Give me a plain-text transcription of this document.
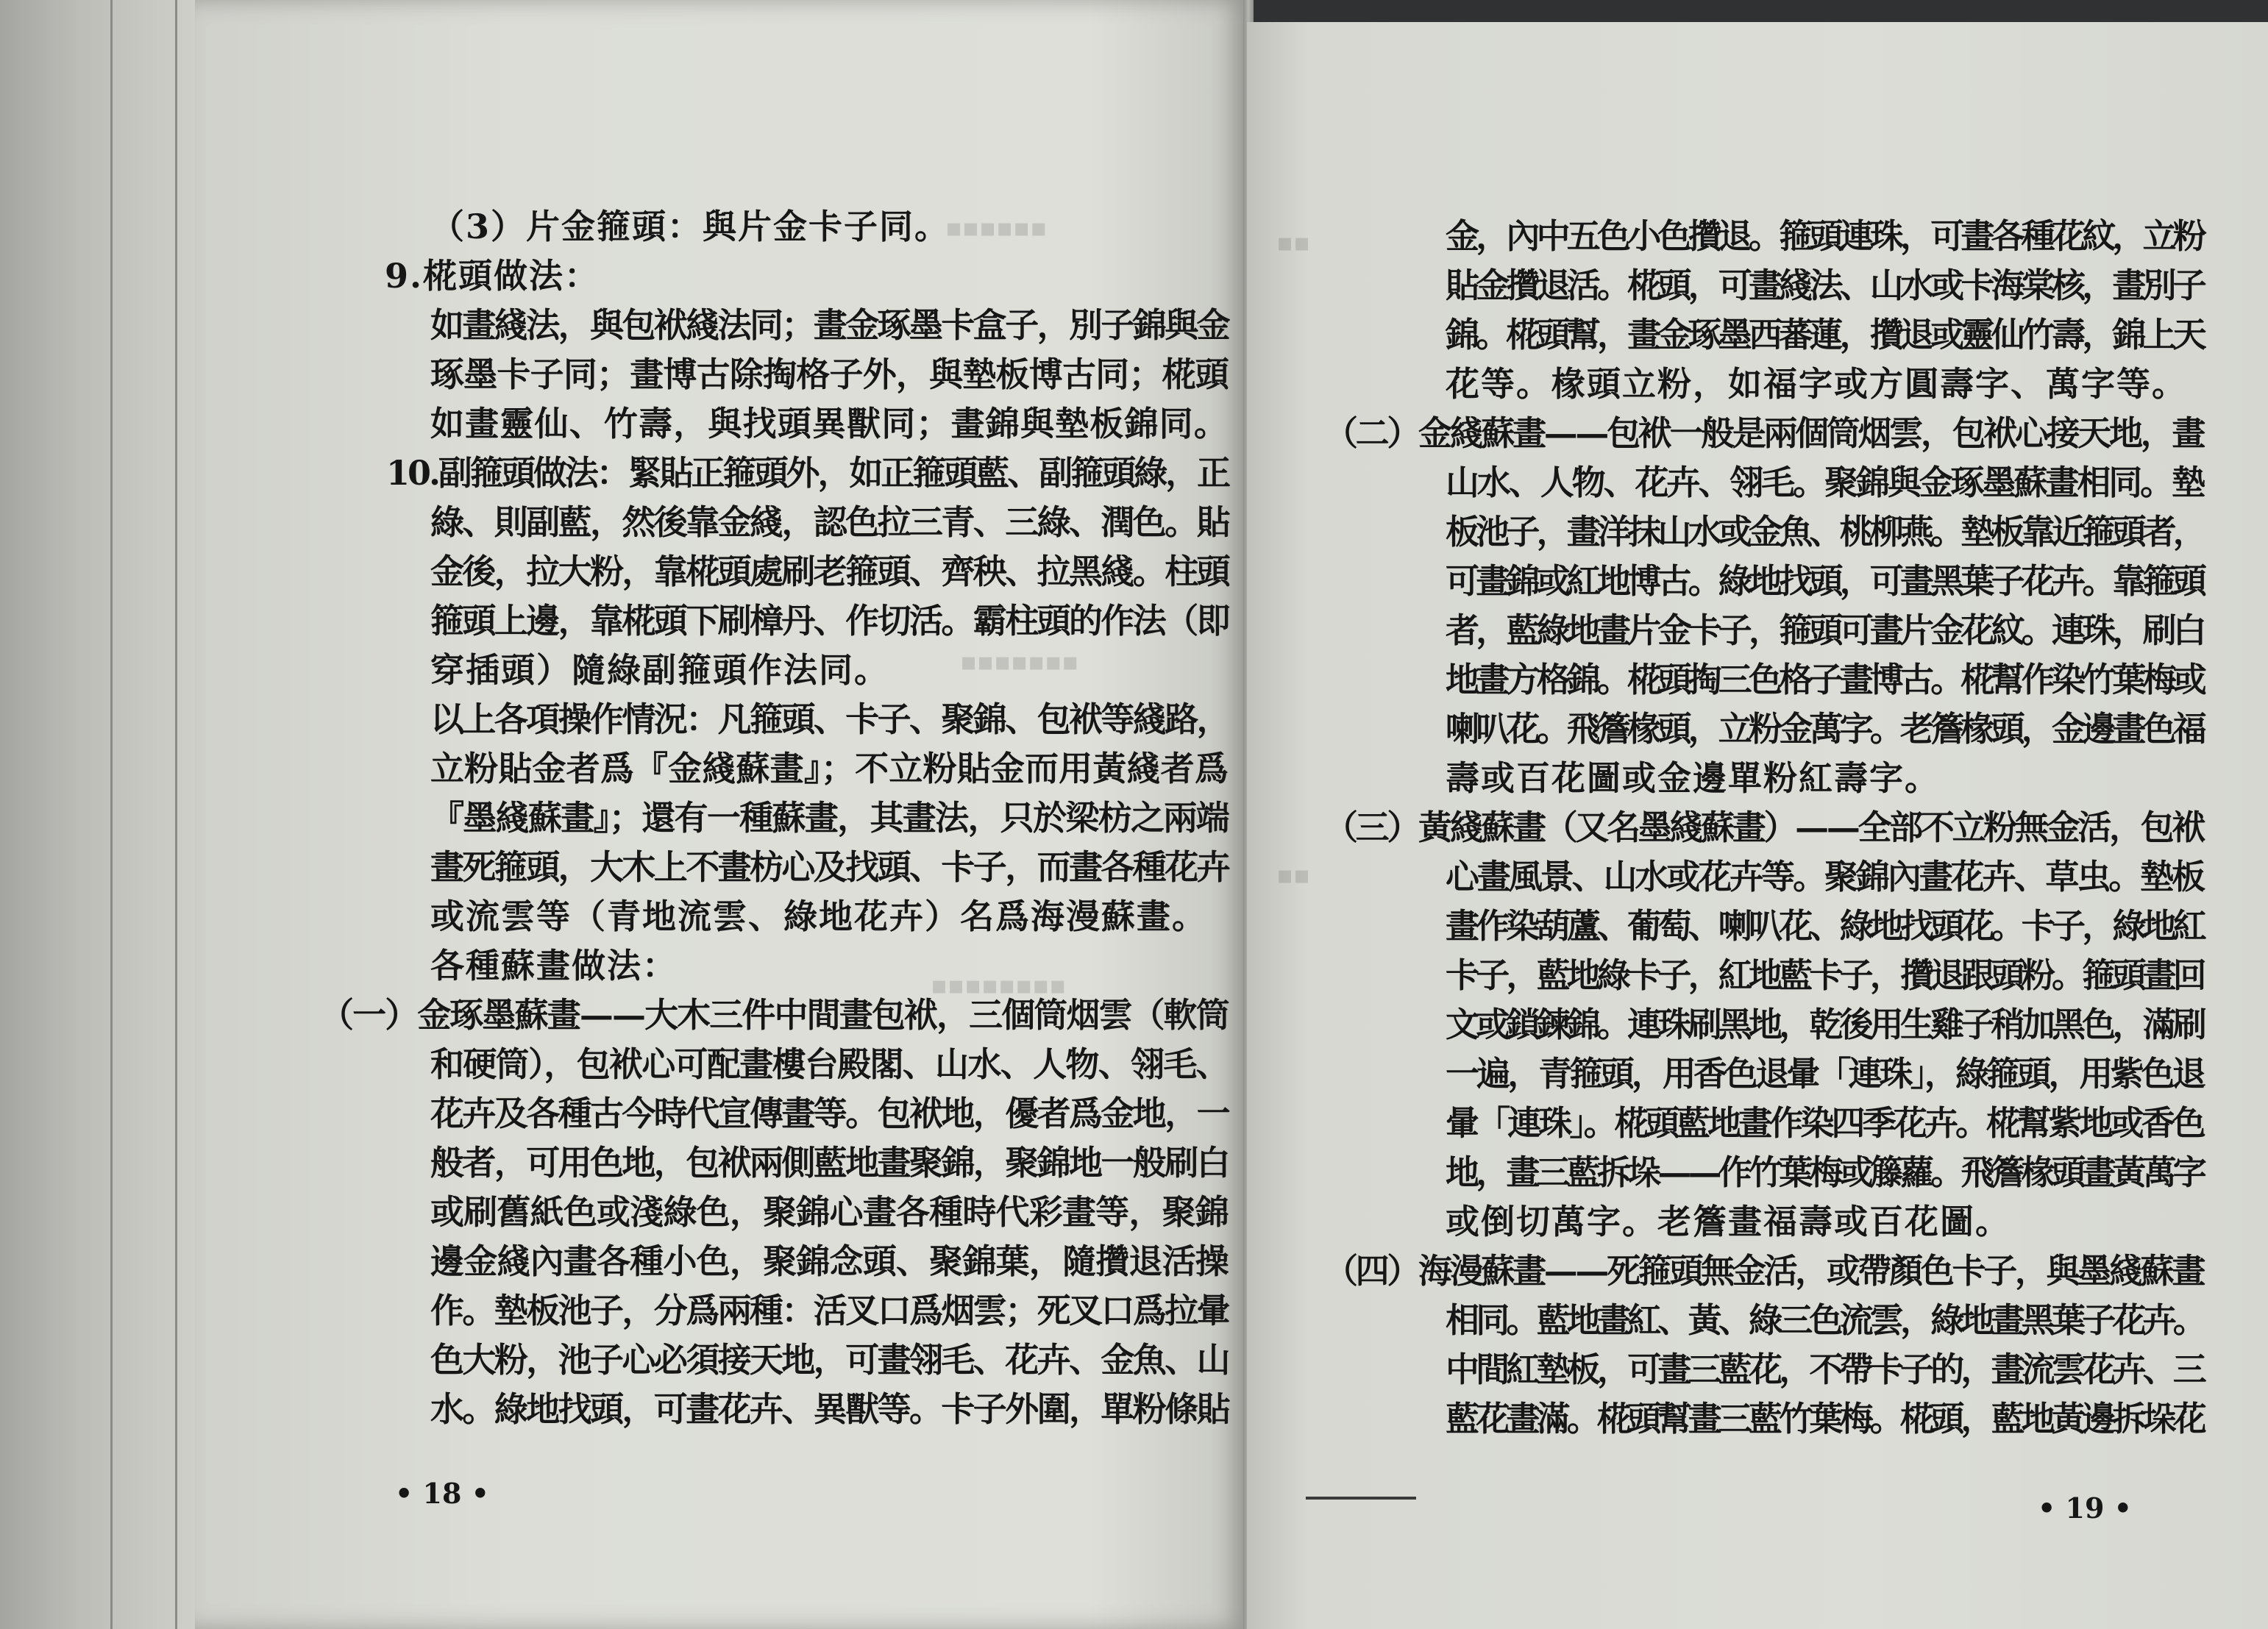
▪▪▪▪▪▪
▪▪▪▪▪▪▪
▪▪▪▪▪▪▪▪
（3）片金箍頭：與片金卡子同。
9.椛頭做法：
如畫綫法，與包袱綫法同；畫金琢墨卡盒子，別子錦與金
琢墨卡子同；畫博古除掏格子外，與墊板博古同；椛頭
如畫靈仙、竹壽，與找頭異獸同；畫錦與墊板錦同。
10.副箍頭做法：緊貼正箍頭外，如正箍頭藍、副箍頭綠，正
綠、則副藍，然後靠金綫，認色拉三青、三綠、潤色。貼
金後，拉大粉，靠椛頭處刷老箍頭、齊秧、拉黑綫。柱頭
箍頭上邊，靠椛頭下刷樟丹、作切活。霸柱頭的作法（即
穿插頭）隨綠副箍頭作法同。
以上各項操作情況：凡箍頭、卡子、聚錦、包袱等綫路，
立粉貼金者爲『金綫蘇畫』；不立粉貼金而用黃綫者爲
『墨綫蘇畫』；還有一種蘇畫，其畫法，只於梁枋之兩端
畫死箍頭，大木上不畫枋心及找頭、卡子，而畫各種花卉
或流雲等（青地流雲、綠地花卉）名爲海漫蘇畫。
各種蘇畫做法：
（一）金琢墨蘇畫——大木三件中間畫包袱，三個筒烟雲（軟筒
和硬筒），包袱心可配畫樓台殿閣、山水、人物、翎毛、
花卉及各種古今時代宣傳畫等。包袱地，優者爲金地，一
般者，可用色地，包袱兩側藍地畫聚錦，聚錦地一般刷白
或刷舊紙色或淺綠色，聚錦心畫各種時代彩畫等，聚錦
邊金綫內畫各種小色，聚錦念頭、聚錦葉，隨攢退活操
作。墊板池子，分爲兩種：活叉口爲烟雲；死叉口爲拉暈
色大粉，池子心必須接天地，可畫翎毛、花卉、金魚、山
水。綠地找頭，可畫花卉、異獸等。卡子外圍，單粉條貼
• 18 •
▪▪
▪▪
金，內中五色小色攢退。箍頭連珠，可畫各種花紋，立粉
貼金攢退活。椛頭，可畫綫法、山水或卡海棠核，畫別子
錦。椛頭幫，畫金琢墨西蕃蓮，攢退或靈仙竹壽，錦上天
花等。椽頭立粉，如福字或方圓壽字、萬字等。
（二）金綫蘇畫——包袱一般是兩個筒烟雲，包袱心接天地，畫
山水、人物、花卉、翎毛。聚錦與金琢墨蘇畫相同。墊
板池子，畫洋抹山水或金魚、桃柳燕。墊板靠近箍頭者，
可畫錦或紅地博古。綠地找頭，可畫黑葉子花卉。靠箍頭
者，藍綠地畫片金卡子，箍頭可畫片金花紋。連珠，刷白
地畫方格錦。椛頭掏三色格子畫博古。椛幫作染竹葉梅或
喇叭花。飛簷椽頭，立粉金萬字。老簷椽頭，金邊畫色福
壽或百花圖或金邊單粉紅壽字。
（三）黃綫蘇畫（又名墨綫蘇畫）——全部不立粉無金活，包袱
心畫風景、山水或花卉等。聚錦內畫花卉、草虫。墊板
畫作染葫蘆、葡萄、喇叭花、綠地找頭花。卡子，綠地紅
卡子，藍地綠卡子，紅地藍卡子，攢退跟頭粉。箍頭畫回
文或鎖鍊錦。連珠刷黑地，乾後用生雞子稍加黑色，滿刷
一遍，青箍頭，用香色退暈「連珠」，綠箍頭，用紫色退
暈「連珠」。椛頭藍地畫作染四季花卉。椛幫紫地或香色
地，畫三藍拆垛——作竹葉梅或籐蘿。飛簷椽頭畫黃萬字
或倒切萬字。老簷畫福壽或百花圖。
（四）海漫蘇畫——死箍頭無金活，或帶顏色卡子，與墨綫蘇畫
相同。藍地畫紅、黃、綠三色流雲，綠地畫黑葉子花卉。
中間紅墊板，可畫三藍花，不帶卡子的，畫流雲花卉、三
藍花畫滿。椛頭幫畫三藍竹葉梅。椛頭，藍地黃邊拆垛花
• 19 •
